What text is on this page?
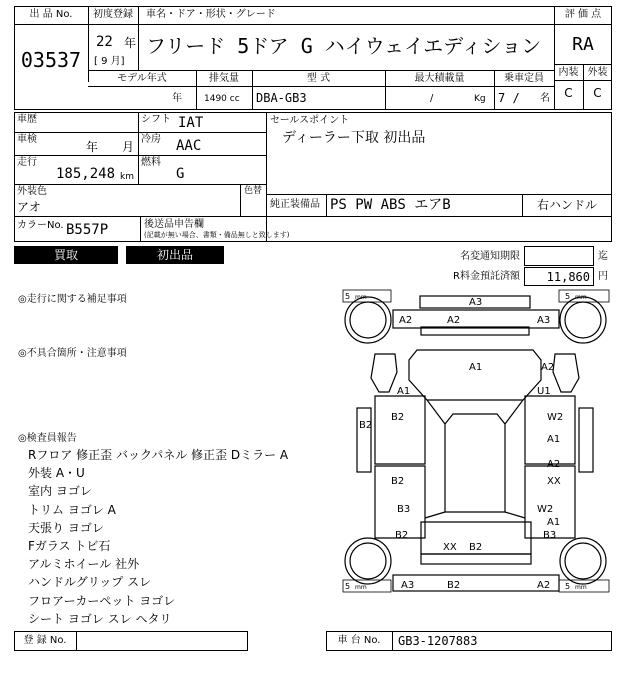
出 品 No.
03537
初度登録	車名・ドア・形状・グレード
22 年
[ 9 月]
フリード 5ドア G ハイウェイエディション
評 価 点
RA
内装 外装
C	C
モデル年式	排気量	型 式	最大積載量	乗車定員
年 1490 cc DBA-GB3	/	Kg 7 / 名
車歴	シフト IAT
車検
年 月
冷房 AAC
走行
185,248 km
燃料
G
外装色
アオ
色替
カラーNo. B557P	後送品申告欄
(記載が無い場合、書類・備品無しと致します)
セールスポイント
ディーラー下取 初出品
純正装備品 PS PW ABS エアB	右ハンドル
買取	初出品	名変通知期限	迄
R料金預託済額	11,860 円
◎走行に関する補足事項
◎不具合箇所・注意事項
◎検査員報告
Rフロア 修正歪 バックパネル 修正歪 Dミラー A
外装 A・U
室内 ヨゴレ
トリム ヨゴレ A
天張り ヨゴレ
Fガラス トビ石
アルミホイール 社外
ハンドルグリップ スレ
フロアーカーペット ヨゴレ
シート ヨゴレ スレ ヘタリ
5 mm	5 mm
5 mm	5 mm
A3
A2	A2	A3
A1	A2
A1	U1
B2	W2
B2
A1
A2
B2	XX
B3	W2
A1
B2	B3
XX B2
A3	B2	A2
登 録 No.	車 台 No.	GB3-1207883
